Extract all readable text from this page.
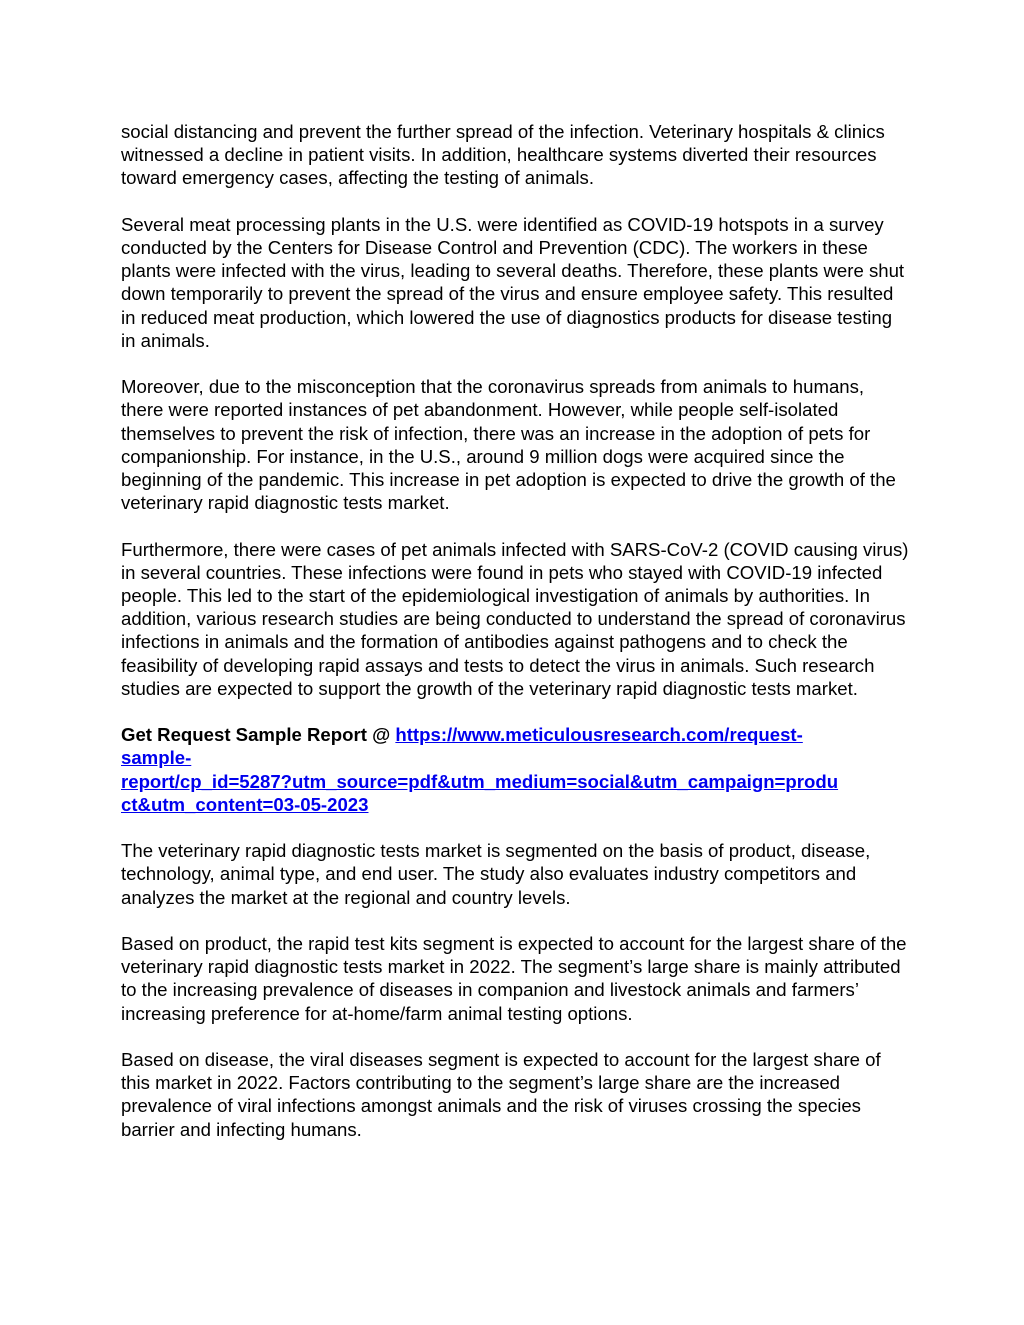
social distancing and prevent the further spread of the infection. Veterinary hospitals & clinics witnessed a decline in patient visits. In addition, healthcare systems diverted their resources toward emergency cases, affecting the testing of animals.

Several meat processing plants in the U.S. were identified as COVID-19 hotspots in a survey conducted by the Centers for Disease Control and Prevention (CDC). The workers in these plants were infected with the virus, leading to several deaths. Therefore, these plants were shut down temporarily to prevent the spread of the virus and ensure employee safety. This resulted in reduced meat production, which lowered the use of diagnostics products for disease testing in animals.

Moreover, due to the misconception that the coronavirus spreads from animals to humans, there were reported instances of pet abandonment. However, while people self-isolated themselves to prevent the risk of infection, there was an increase in the adoption of pets for companionship. For instance, in the U.S., around 9 million dogs were acquired since the beginning of the pandemic. This increase in pet adoption is expected to drive the growth of the veterinary rapid diagnostic tests market.

Furthermore, there were cases of pet animals infected with SARS-CoV-2 (COVID causing virus) in several countries. These infections were found in pets who stayed with COVID-19 infected people. This led to the start of the epidemiological investigation of animals by authorities. In addition, various research studies are being conducted to understand the spread of coronavirus infections in animals and the formation of antibodies against pathogens and to check the feasibility of developing rapid assays and tests to detect the virus in animals. Such research studies are expected to support the growth of the veterinary rapid diagnostic tests market.

Get Request Sample Report @ https://www.meticulousresearch.com/request-
sample-
report/cp_id=5287?utm_source=pdf&utm_medium=social&utm_campaign=produ
ct&utm_content=03-05-2023

The veterinary rapid diagnostic tests market is segmented on the basis of product, disease, technology, animal type, and end user. The study also evaluates industry competitors and analyzes the market at the regional and country levels.

Based on product, the rapid test kits segment is expected to account for the largest share of the veterinary rapid diagnostic tests market in 2022. The segment’s large share is mainly attributed to the increasing prevalence of diseases in companion and livestock animals and farmers’ increasing preference for at-home/farm animal testing options.

Based on disease, the viral diseases segment is expected to account for the largest share of this market in 2022. Factors contributing to the segment’s large share are the increased prevalence of viral infections amongst animals and the risk of viruses crossing the species barrier and infecting humans.
